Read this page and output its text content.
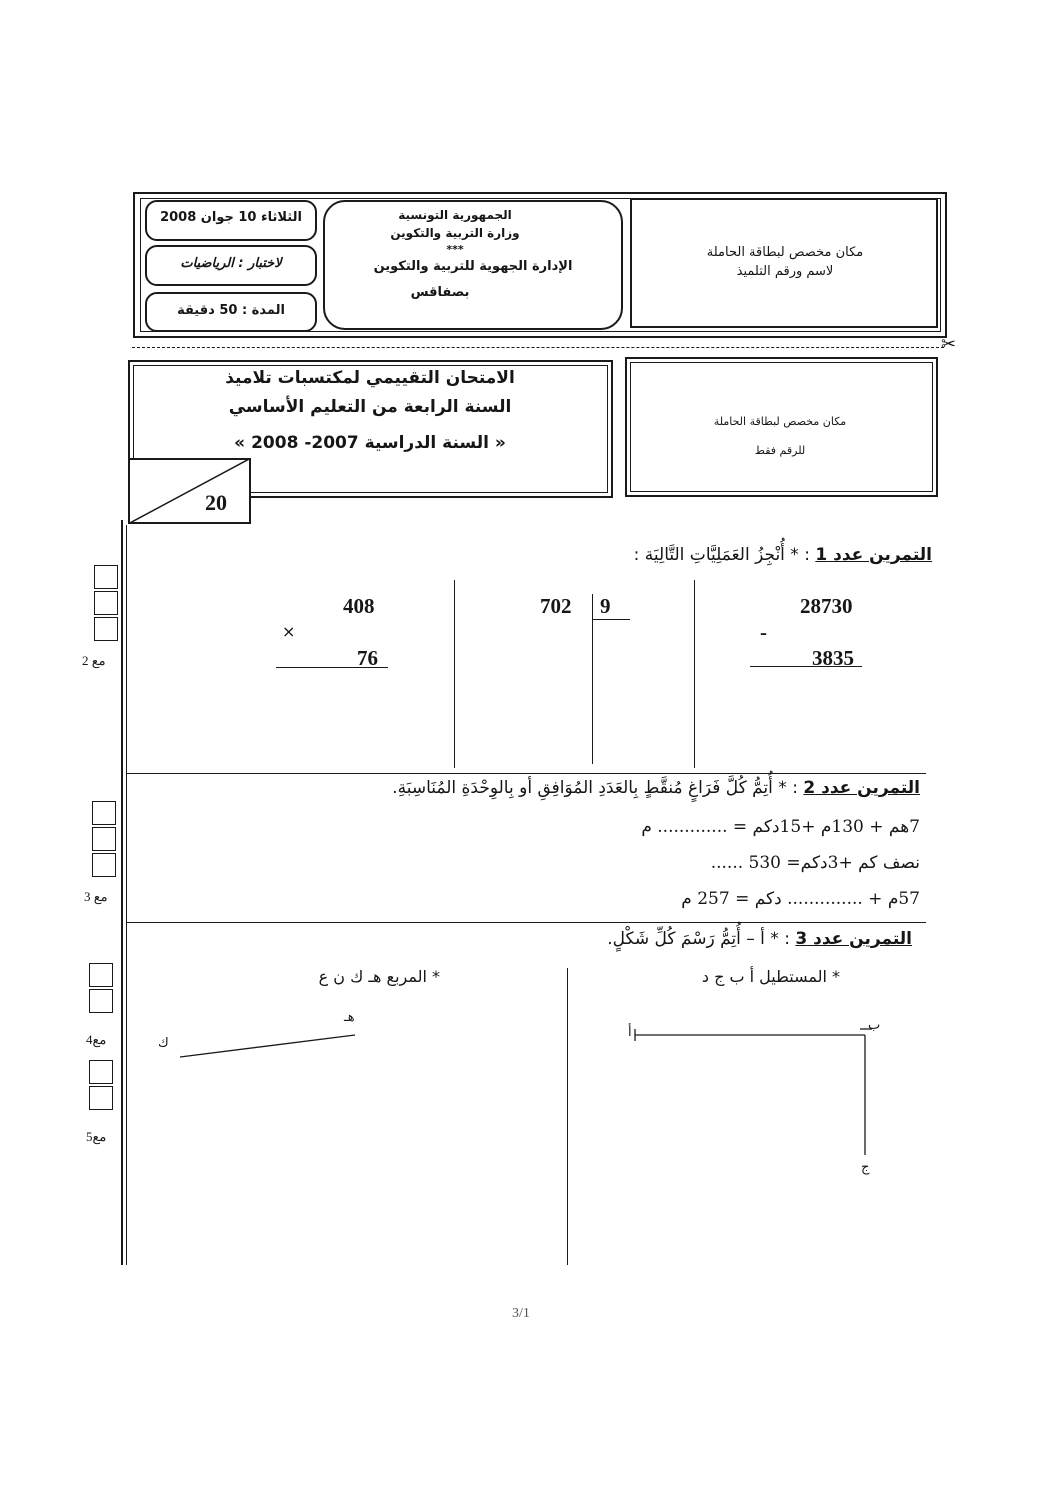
الثلاثاء 10 جوان 2008
لاختبار : الرياضيات
المدة : 50 دقيقة
الجمهورية التونسية
وزارة التربية والتكوين
***
الإدارة الجهوية للتربية والتكوين
بصفاقس
مكان مخصص لبطاقة الحاملة
لاسم ورقم التلميذ
✂
الامتحان التقييمي لمكتسبات تلاميذ
السنة الرابعة من التعليم الأساسي
« السنة الدراسية 2007- 2008 »
مكان مخصص لبطاقة الحاملة
للرقم فقط
20
التمرين عدد 1 : * أُنْجِزُ العَمَلِيَّاتِ التَّالِيَة :
28730
-
3835
702 9
408
×
76
مع 2
التمرين عدد 2 : * أُتِمُّ كُلَّ فَرَاغٍ مُنقَّطٍ بِالعَدَدِ المُوَافِقِ أو بِالوِحْدَةِ المُنَاسِبَةِ.
7هم + 130م +15دكم = ............. م
نصف كم +3دكم= 530 ......
57م + .............. دكم = 257 م
مع 3
التمرين عدد 3 : * أ – أُتِمُّ رَسْمَ كُلِّ شَكْلٍ.
* المستطيل أ ب ج د
* المربع هـ ك ن ع
أ	ب
ج
هـ
ك
مع4
مع5
3/1
